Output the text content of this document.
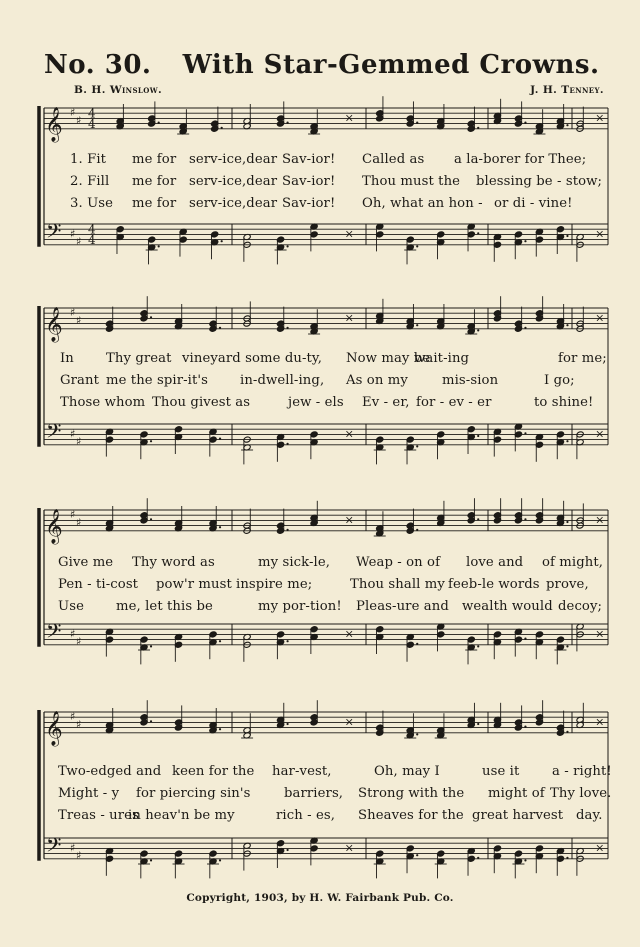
No. 30. With Star-Gemmed Crowns.
B. H. Winslow.	J. H. Tenney.
𝄞 ♯
♯
4
4	×	×
𝄢 ♯
♯
4
4	×	×
1. Fit me for serv-ice,dear Sav-ior! Called as a la-borer for Thee;
2. Fill me for serv-ice,dear Sav-ior! Thou must the blessing be - stow;
3. Use me for serv-ice,dear Sav-ior! Oh, what an hon - or di - vine!
𝄞 ♯
♯	×	×
𝄢 ♯
♯
×	×
In Thy great vineyard some du-ty, Now may be
wait-ing	for me;
Grant me the spir-it's in-dwell-ing, As on my	mis-sion	I go;
Those whom Thou givest as	jew - els Ev - er, for - ev - er	to shine!
𝄞 ♯
♯	×	×
𝄢 ♯
♯
×	×
Give me Thy word as	my sick-le, Weap - on of love and of might,
Pen - ti-cost pow'r must inspire me;	Thou shall my feeb-le words prove,
Use me, let this be	my por-tion! Pleas-ure and wealth would decoy;
𝄞 ♯
♯	×	×
𝄢 ♯
♯
×	×
Two-edged and keen for the har-vest,	Oh, may I	use it a - right!
Might - y for piercing sin's	barriers, Strong with the might of Thy love.
Treas - ures
in heav'n be my	rich - es, Sheaves for the great harvest day.
Copyright, 1903, by H. W. Fairbank Pub. Co.
